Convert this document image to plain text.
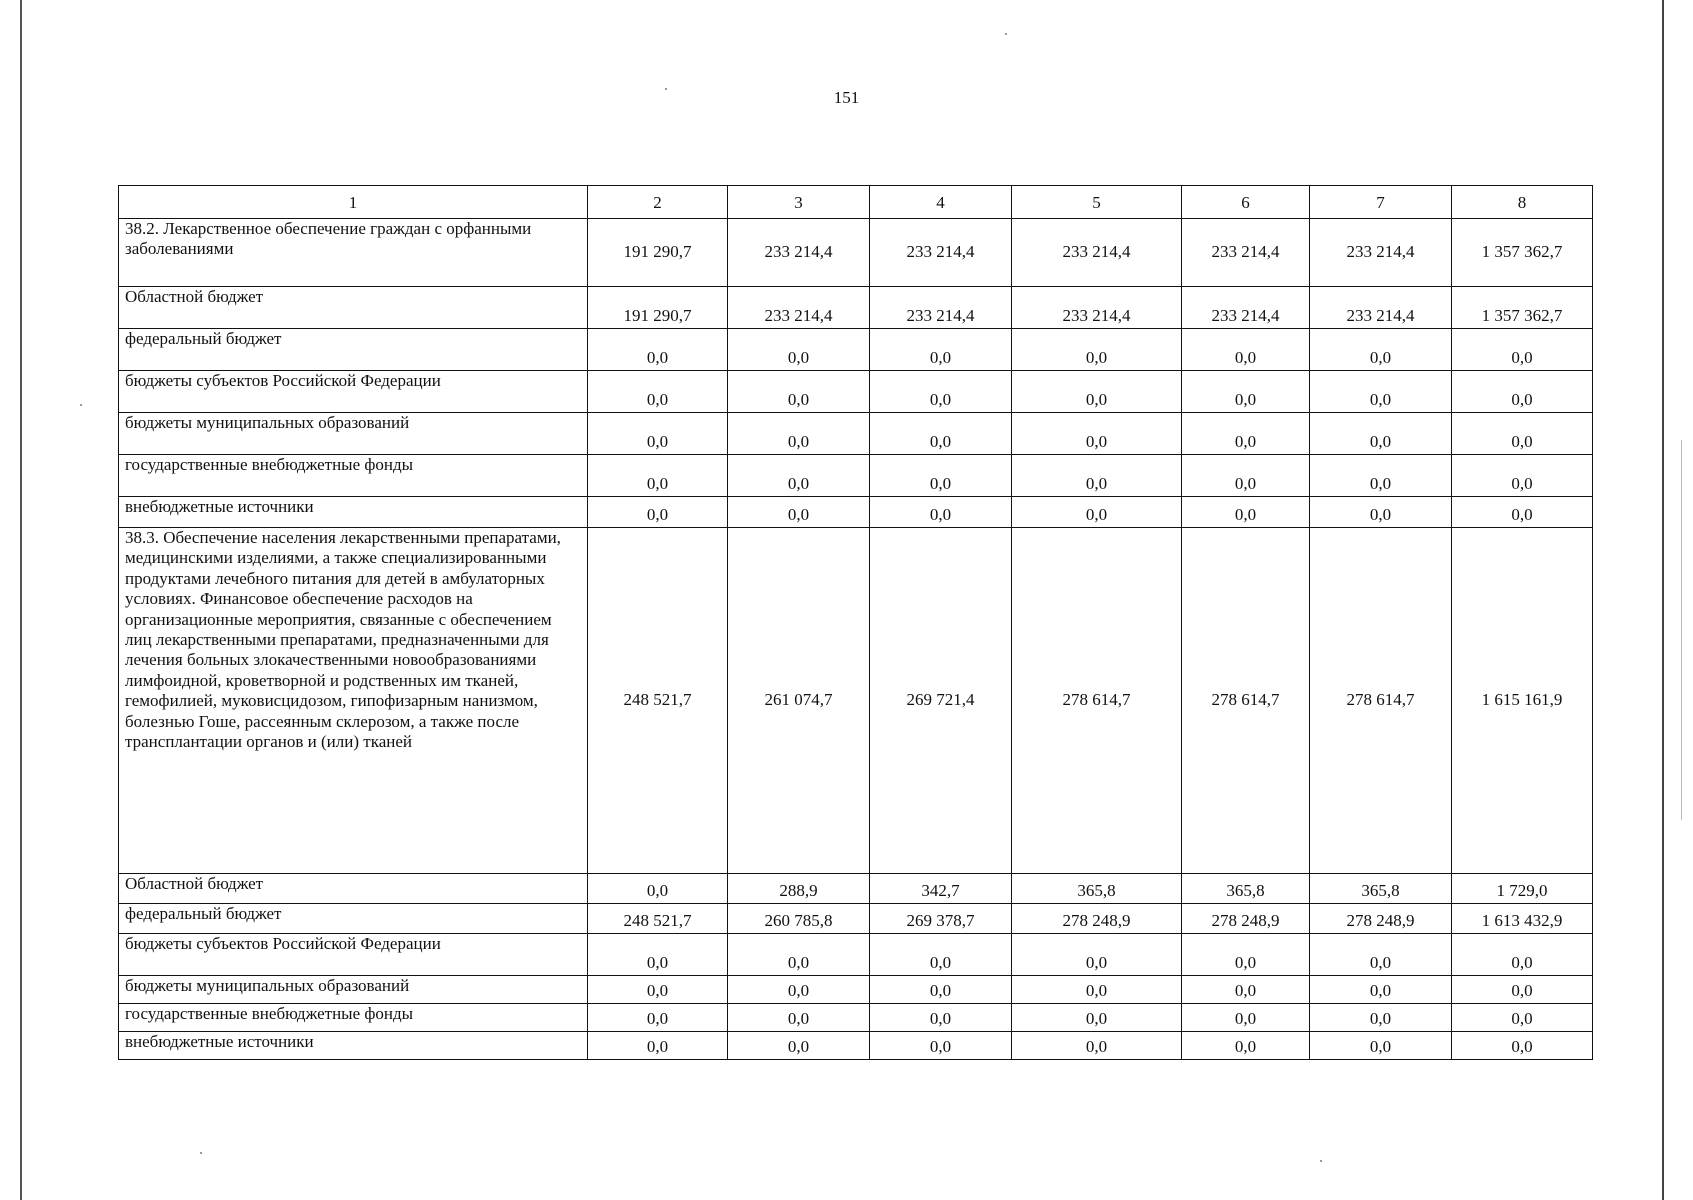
151
1	2	3	4	5	6	7	8
38.2. Лекарственное обеспечение граждан с орфанными заболеваниями	191 290,7	233 214,4	233 214,4	233 214,4	233 214,4	233 214,4	1 357 362,7
Областной бюджет	191 290,7	233 214,4	233 214,4	233 214,4	233 214,4	233 214,4	1 357 362,7
федеральный бюджет	0,0	0,0	0,0	0,0	0,0	0,0	0,0
бюджеты субъектов Российской Федерации	0,0	0,0	0,0	0,0	0,0	0,0	0,0
бюджеты муниципальных образований	0,0	0,0	0,0	0,0	0,0	0,0	0,0
государственные внебюджетные фонды	0,0	0,0	0,0	0,0	0,0	0,0	0,0
внебюджетные источники	0,0	0,0	0,0	0,0	0,0	0,0	0,0
38.3. Обеспечение населения лекарственными препаратами, медицинскими изделиями, а также специализированными продуктами лечебного питания для детей в амбулаторных условиях. Финансовое обеспечение расходов на организационные мероприятия, связанные с обеспечением лиц лекарственными препаратами, предназначенными для лечения больных злокачественными новообразованиями лимфоидной, кроветворной и родственных им тканей, гемофилией, муковисцидозом, гипофизарным нанизмом, болезнью Гоше, рассеянным склерозом, а также после трансплантации органов и (или) тканей	248 521,7	261 074,7	269 721,4	278 614,7	278 614,7	278 614,7	1 615 161,9
Областной бюджет	0,0	288,9	342,7	365,8	365,8	365,8	1 729,0
федеральный бюджет	248 521,7	260 785,8	269 378,7	278 248,9	278 248,9	278 248,9	1 613 432,9
бюджеты субъектов Российской Федерации	0,0	0,0	0,0	0,0	0,0	0,0	0,0
бюджеты муниципальных образований	0,0	0,0	0,0	0,0	0,0	0,0	0,0
государственные внебюджетные фонды	0,0	0,0	0,0	0,0	0,0	0,0	0,0
внебюджетные источники	0,0	0,0	0,0	0,0	0,0	0,0	0,0
